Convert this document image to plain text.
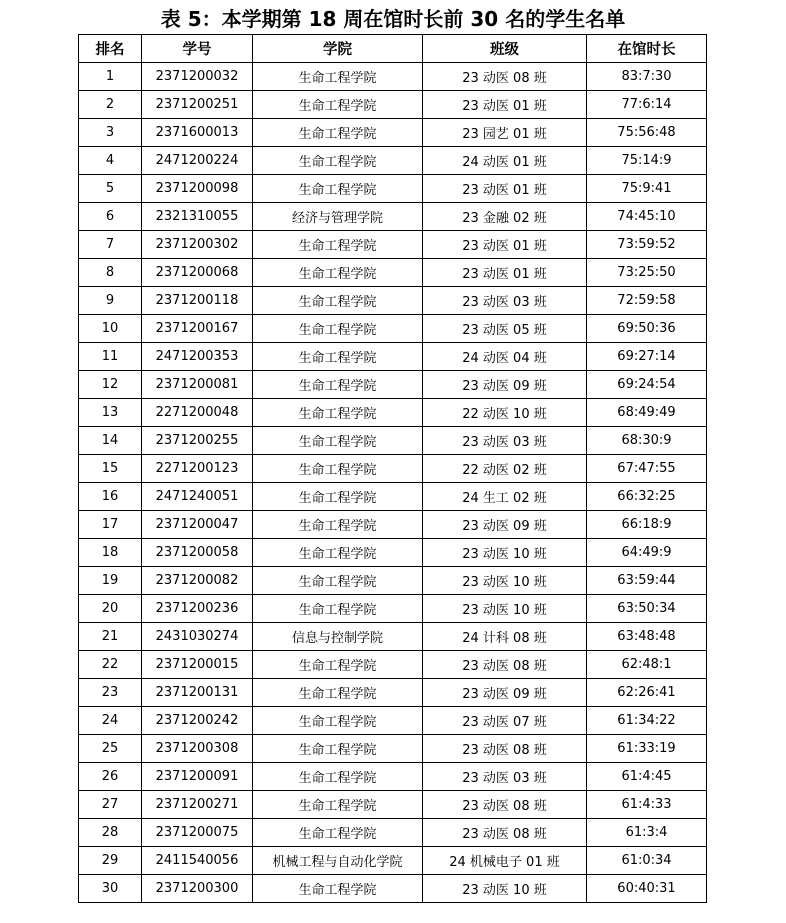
表 5：本学期第 18 周在馆时长前 30 名的学生名单
排名	学号	学院	班级	在馆时长
1	2371200032	生命工程学院	23 动医 08 班	83:7:30
2	2371200251	生命工程学院	23 动医 01 班	77:6:14
3	2371600013	生命工程学院	23 园艺 01 班	75:56:48
4	2471200224	生命工程学院	24 动医 01 班	75:14:9
5	2371200098	生命工程学院	23 动医 01 班	75:9:41
6	2321310055	经济与管理学院	23 金融 02 班	74:45:10
7	2371200302	生命工程学院	23 动医 01 班	73:59:52
8	2371200068	生命工程学院	23 动医 01 班	73:25:50
9	2371200118	生命工程学院	23 动医 03 班	72:59:58
10	2371200167	生命工程学院	23 动医 05 班	69:50:36
11	2471200353	生命工程学院	24 动医 04 班	69:27:14
12	2371200081	生命工程学院	23 动医 09 班	69:24:54
13	2271200048	生命工程学院	22 动医 10 班	68:49:49
14	2371200255	生命工程学院	23 动医 03 班	68:30:9
15	2271200123	生命工程学院	22 动医 02 班	67:47:55
16	2471240051	生命工程学院	24 生工 02 班	66:32:25
17	2371200047	生命工程学院	23 动医 09 班	66:18:9
18	2371200058	生命工程学院	23 动医 10 班	64:49:9
19	2371200082	生命工程学院	23 动医 10 班	63:59:44
20	2371200236	生命工程学院	23 动医 10 班	63:50:34
21	2431030274	信息与控制学院	24 计科 08 班	63:48:48
22	2371200015	生命工程学院	23 动医 08 班	62:48:1
23	2371200131	生命工程学院	23 动医 09 班	62:26:41
24	2371200242	生命工程学院	23 动医 07 班	61:34:22
25	2371200308	生命工程学院	23 动医 08 班	61:33:19
26	2371200091	生命工程学院	23 动医 03 班	61:4:45
27	2371200271	生命工程学院	23 动医 08 班	61:4:33
28	2371200075	生命工程学院	23 动医 08 班	61:3:4
29	2411540056	机械工程与自动化学院	24 机械电子 01 班	61:0:34
30	2371200300	生命工程学院	23 动医 10 班	60:40:31
